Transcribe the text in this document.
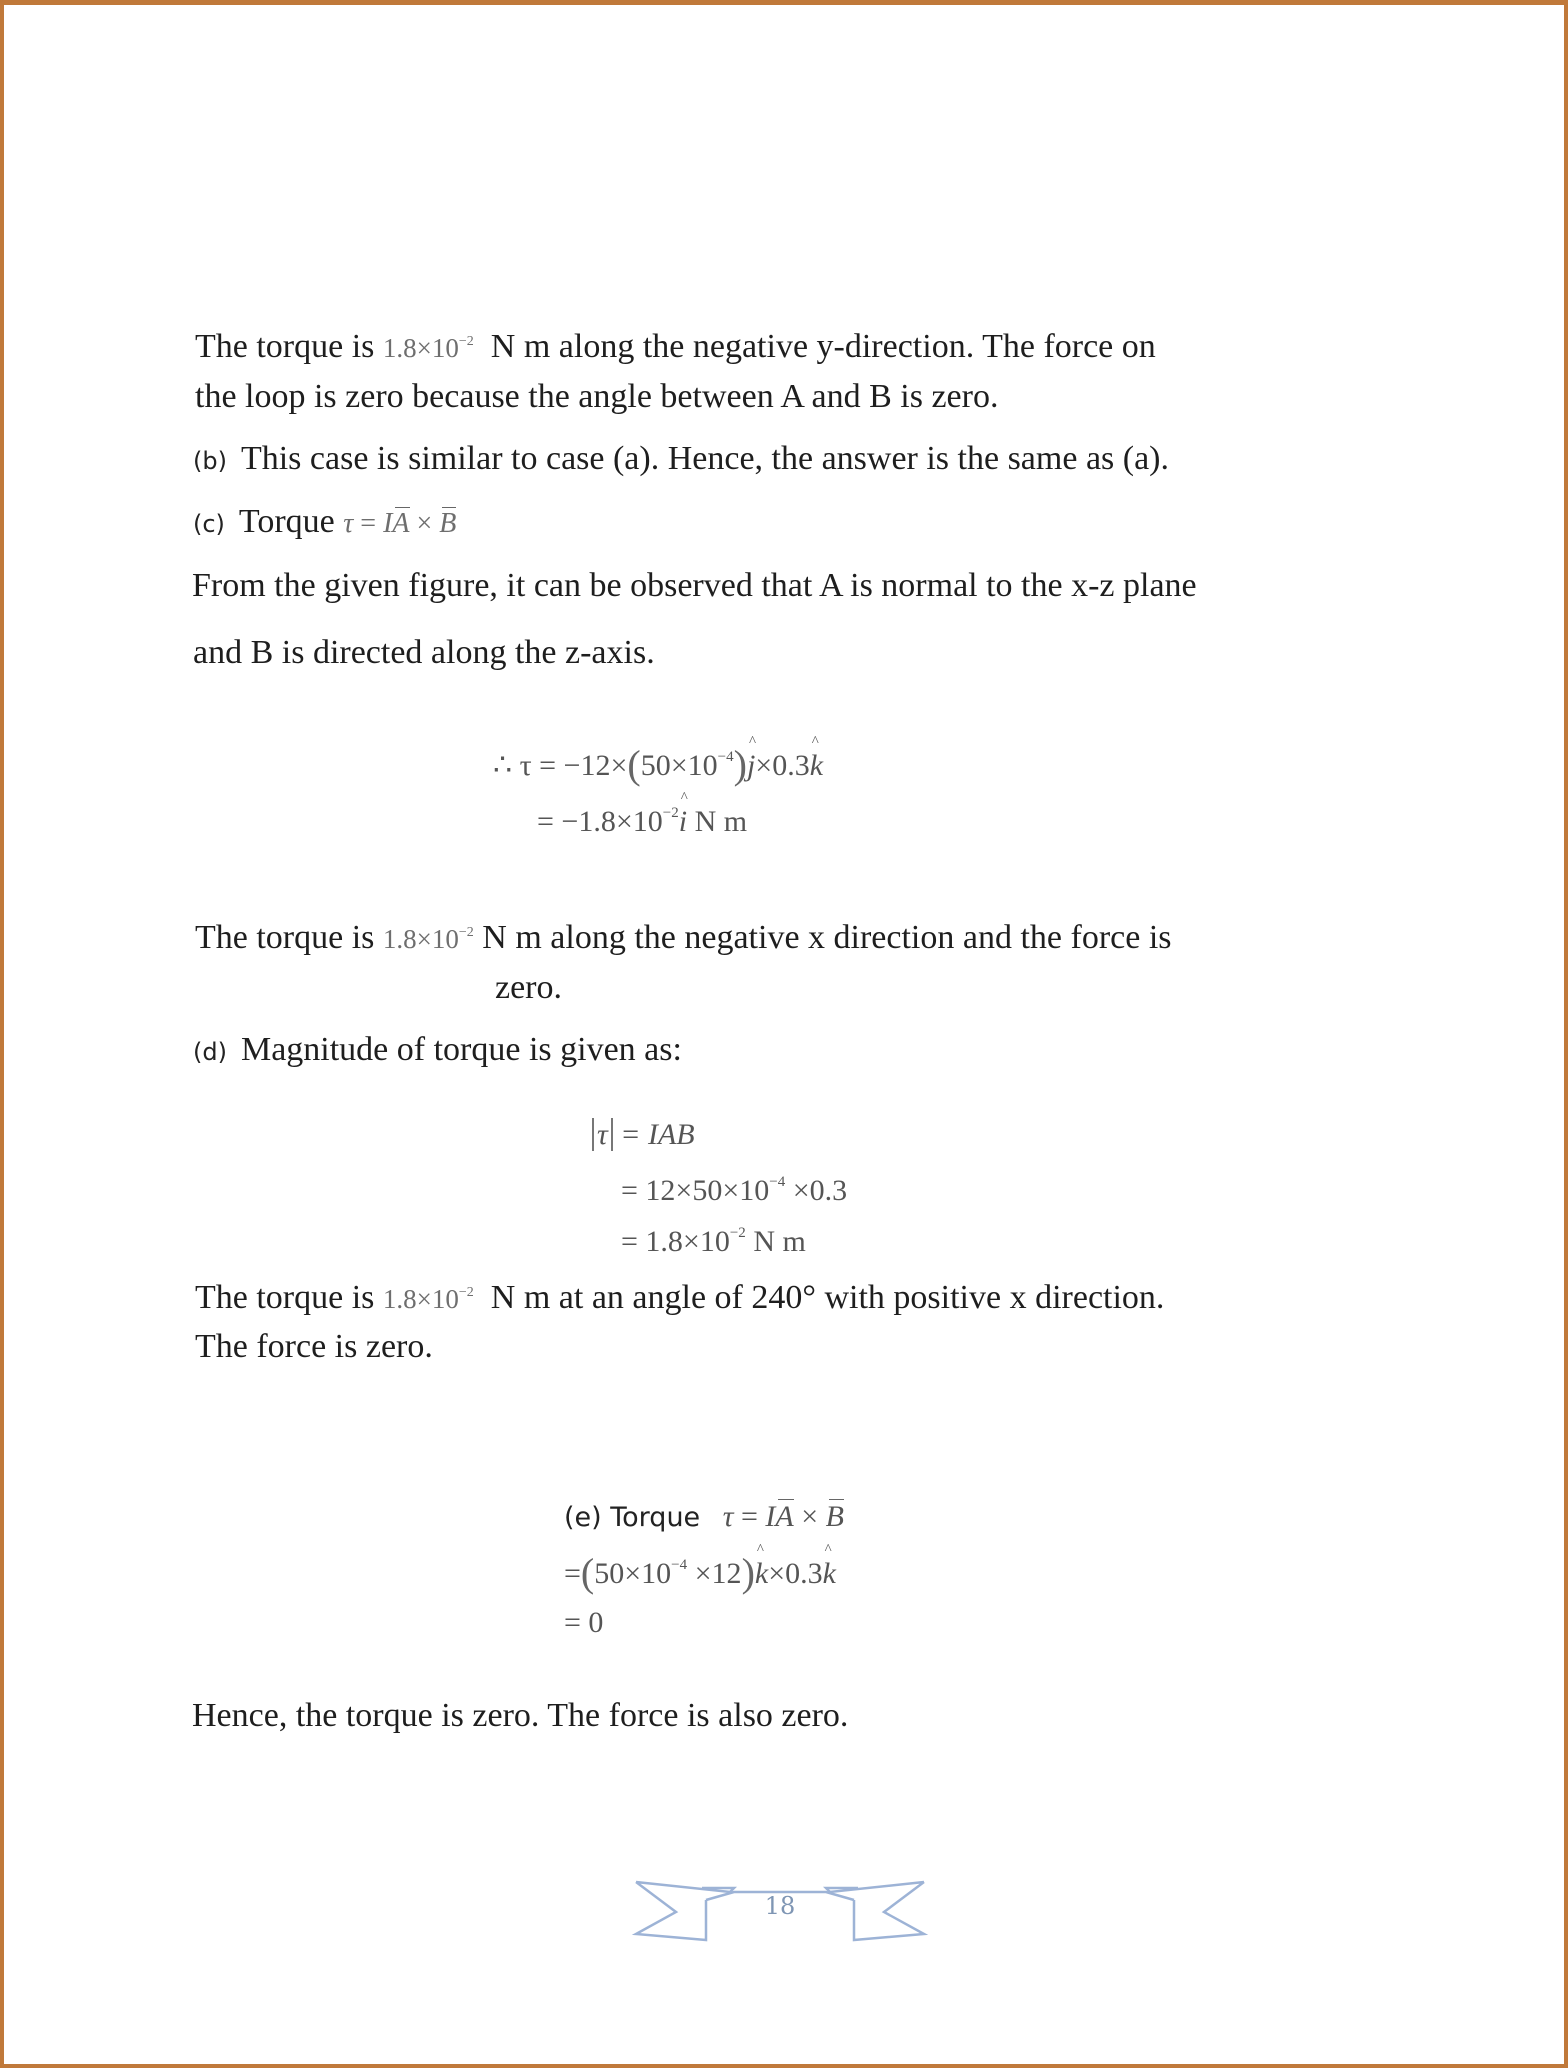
The torque is $1.8\times 10^{-2}$ N m along the negative y-direction. The force on
the loop is zero because the angle between A and B is zero.
(b) This case is similar to case (a). Hence, the answer is the same as (a).
(c) Torque τ = IA × B
From the given figure, it can be observed that A is normal to the x-z plane
and B is directed along the z-axis.
∴ $\tau = -12\times(50\times 10^{-4})\^{}$ j×0.3^ k
= $-1.8\times 10^{-2}\^{}$ i N m
The torque is $1.8\times 10^{-2}$ N m along the negative x direction and the force is
zero.
(d) Magnitude of torque is given as:
τ = IAB
= $12\times 50\times 10^{-4} \times 0.3$
= $1.8\times 10^{-2}$ N m
The torque is $1.8\times 10^{-2}$ N m at an angle of 240° with positive x direction.
The force is zero.
(e) Torque τ = IA × B
$=(50\times 10^{-4}$ ×12)^ k×0.3^ k
= 0
Hence, the torque is zero. The force is also zero.
18
